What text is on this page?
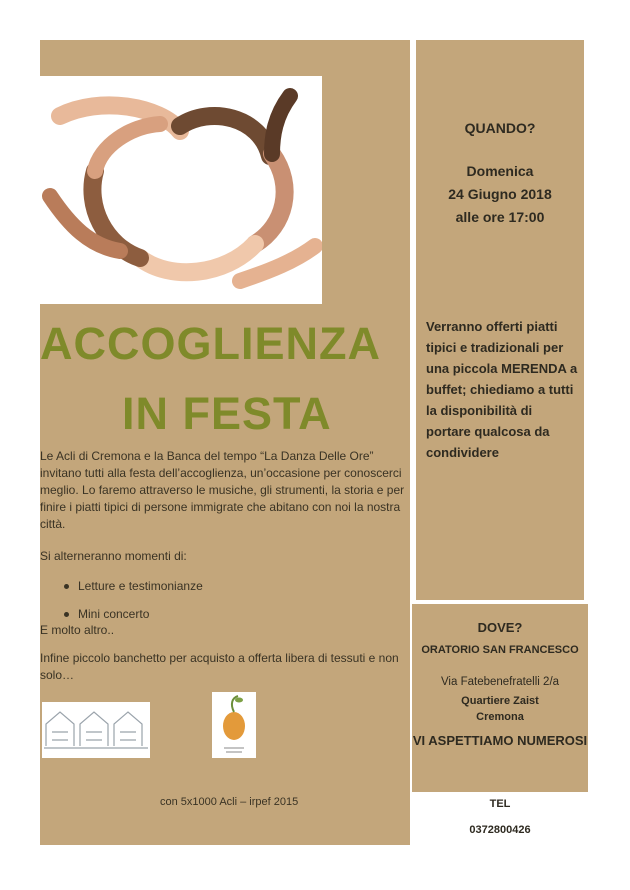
ACCOGLIENZA
IN FESTA

Le Acli di Cremona e la Banca del tempo “La Danza Delle Ore” invitano tutti alla festa dell’accoglienza, un’occasione per conoscerci meglio. Lo faremo attraverso le musiche, gli strumenti, la storia e per finire i piatti tipici di persone immigrate che abitano con noi la nostra città.

Si alterneranno momenti di:

Letture e testimonianze

Mini concerto

E molto altro..

Infine piccolo banchetto per acquisto a offerta libera di tessuti e non solo…

con 5x1000 Acli – irpef 2015

QUANDO?

Domenica
24 Giugno 2018
alle ore 17:00

Verranno offerti piatti tipici e tradizionali per una piccola MERENDA a buffet; chiediamo a tutti la disponibilità di portare qualcosa da condividere

DOVE?

ORATORIO SAN FRANCESCO

Via Fatebenefratelli 2/a

Quartiere Zaist
Cremona

VI ASPETTIAMO NUMEROSI

TEL

0372800426
